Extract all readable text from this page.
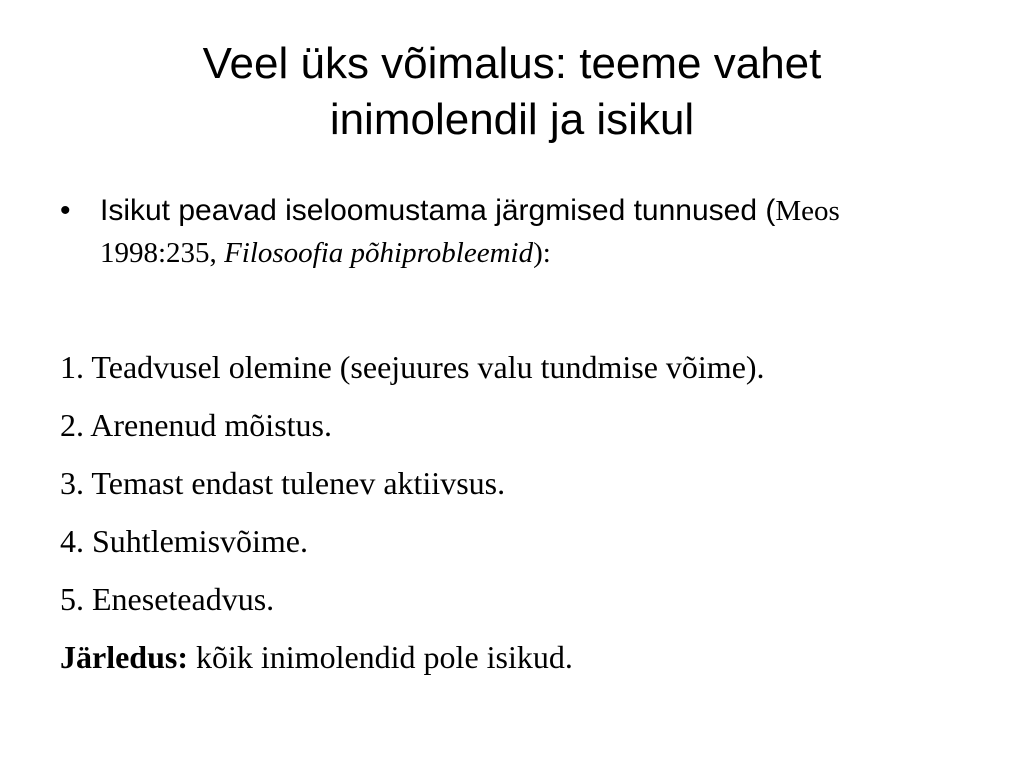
Veel üks võimalus: teeme vahet
inimolendil ja isikul
• Isikut peavad iseloomustama järgmised tunnused (Meos 1998:235, Filosoofia põhiprobleemid):
1. Teadvusel olemine (seejuures valu tundmise võime).
2. Arenenud mõistus.
3. Temast endast tulenev aktiivsus.
4. Suhtlemisvõime.
5. Eneseteadvus.
Järledus: kõik inimolendid pole isikud.
